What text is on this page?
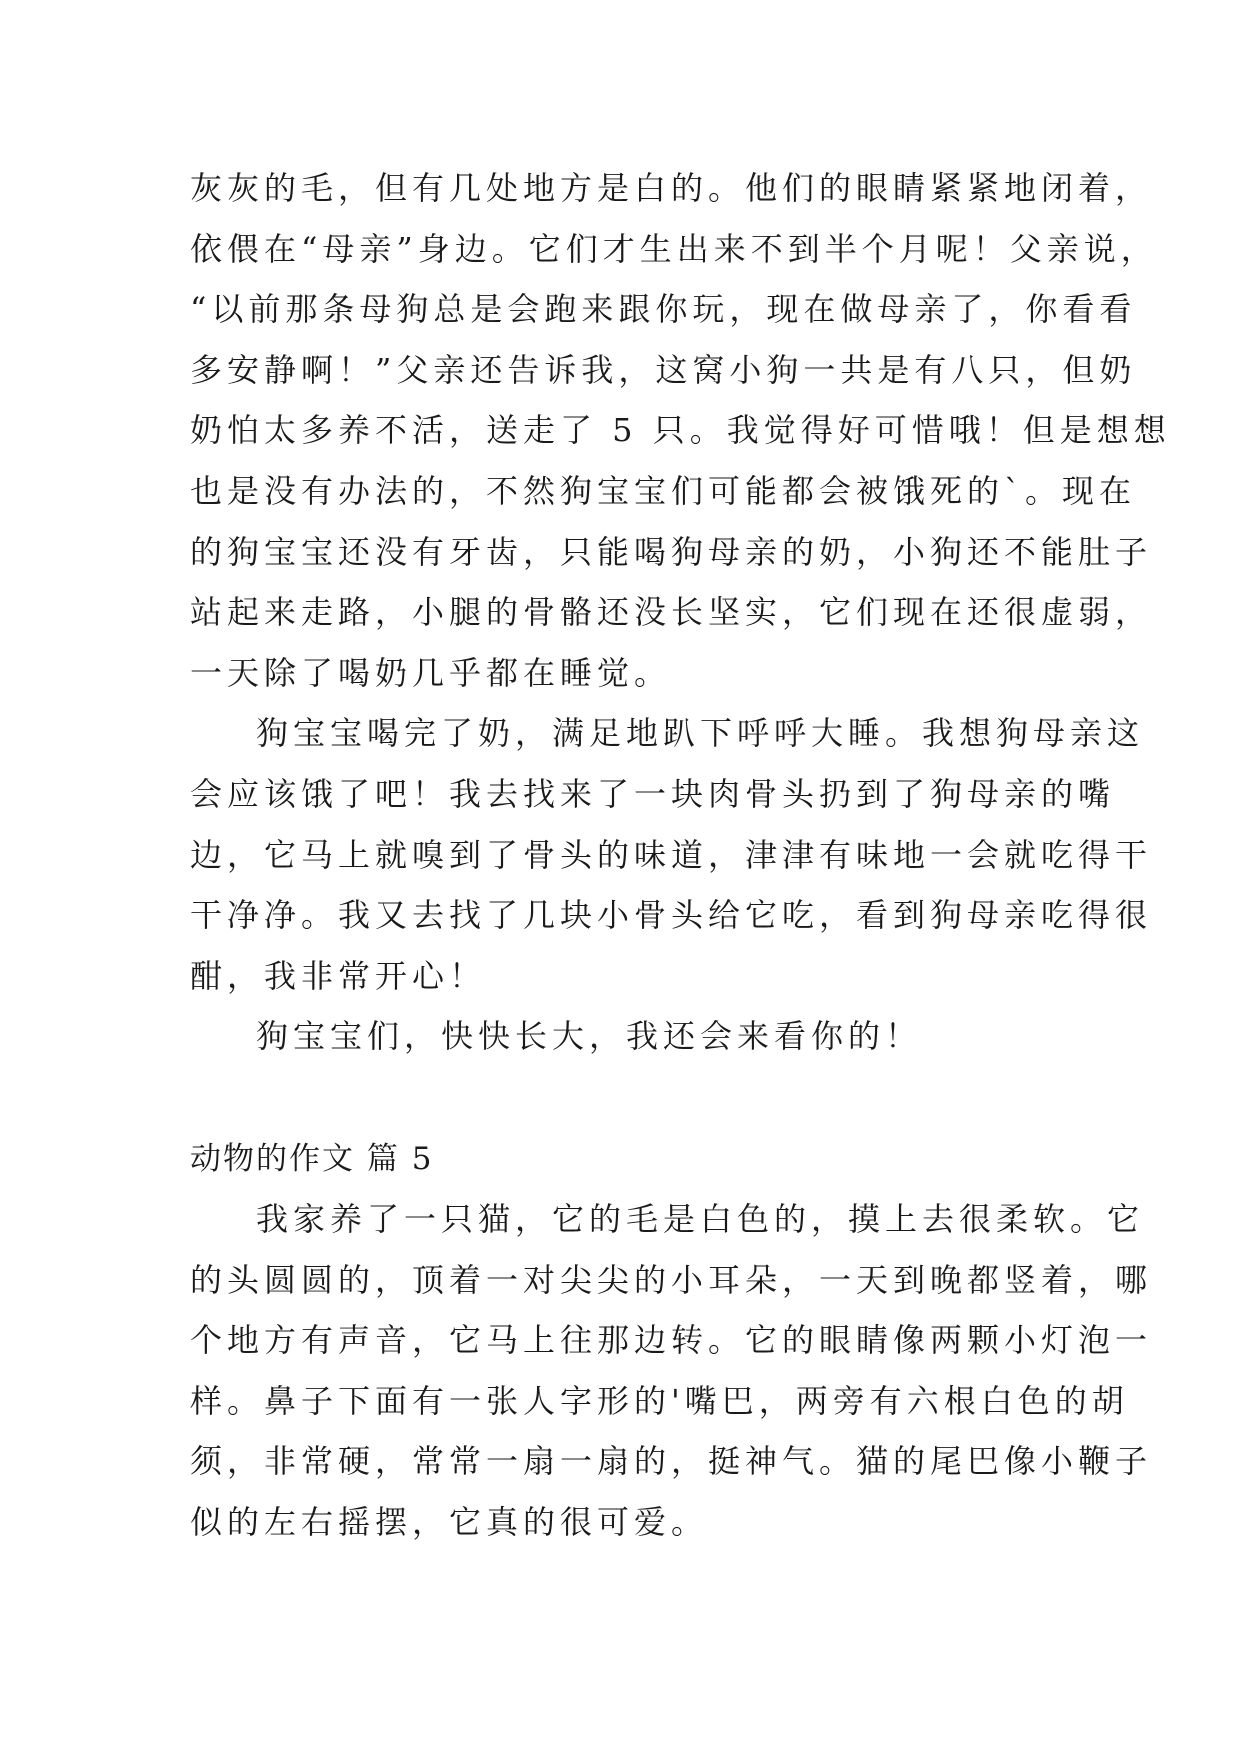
灰灰的毛，但有几处地方是白的。他们的眼睛紧紧地闭着，
依偎在“母亲”身边。它们才生出来不到半个月呢！父亲说，
“以前那条母狗总是会跑来跟你玩，现在做母亲了，你看看
多安静啊！”父亲还告诉我，这窝小狗一共是有八只，但奶
奶怕太多养不活，送走了 5 只。我觉得好可惜哦！但是想想
也是没有办法的，不然狗宝宝们可能都会被饿死的`。现在
的狗宝宝还没有牙齿，只能喝狗母亲的奶，小狗还不能肚子
站起来走路，小腿的骨骼还没长坚实，它们现在还很虚弱，
一天除了喝奶几乎都在睡觉。
狗宝宝喝完了奶，满足地趴下呼呼大睡。我想狗母亲这
会应该饿了吧！我去找来了一块肉骨头扔到了狗母亲的嘴
边，它马上就嗅到了骨头的味道，津津有味地一会就吃得干
干净净。我又去找了几块小骨头给它吃，看到狗母亲吃得很
酣，我非常开心！
狗宝宝们，快快长大，我还会来看你的！
动物的作文 篇 5
我家养了一只猫，它的毛是白色的，摸上去很柔软。它
的头圆圆的，顶着一对尖尖的小耳朵，一天到晚都竖着，哪
个地方有声音，它马上往那边转。它的眼睛像两颗小灯泡一
样。鼻子下面有一张人字形的'嘴巴，两旁有六根白色的胡
须，非常硬，常常一扇一扇的，挺神气。猫的尾巴像小鞭子
似的左右摇摆，它真的很可爱。
